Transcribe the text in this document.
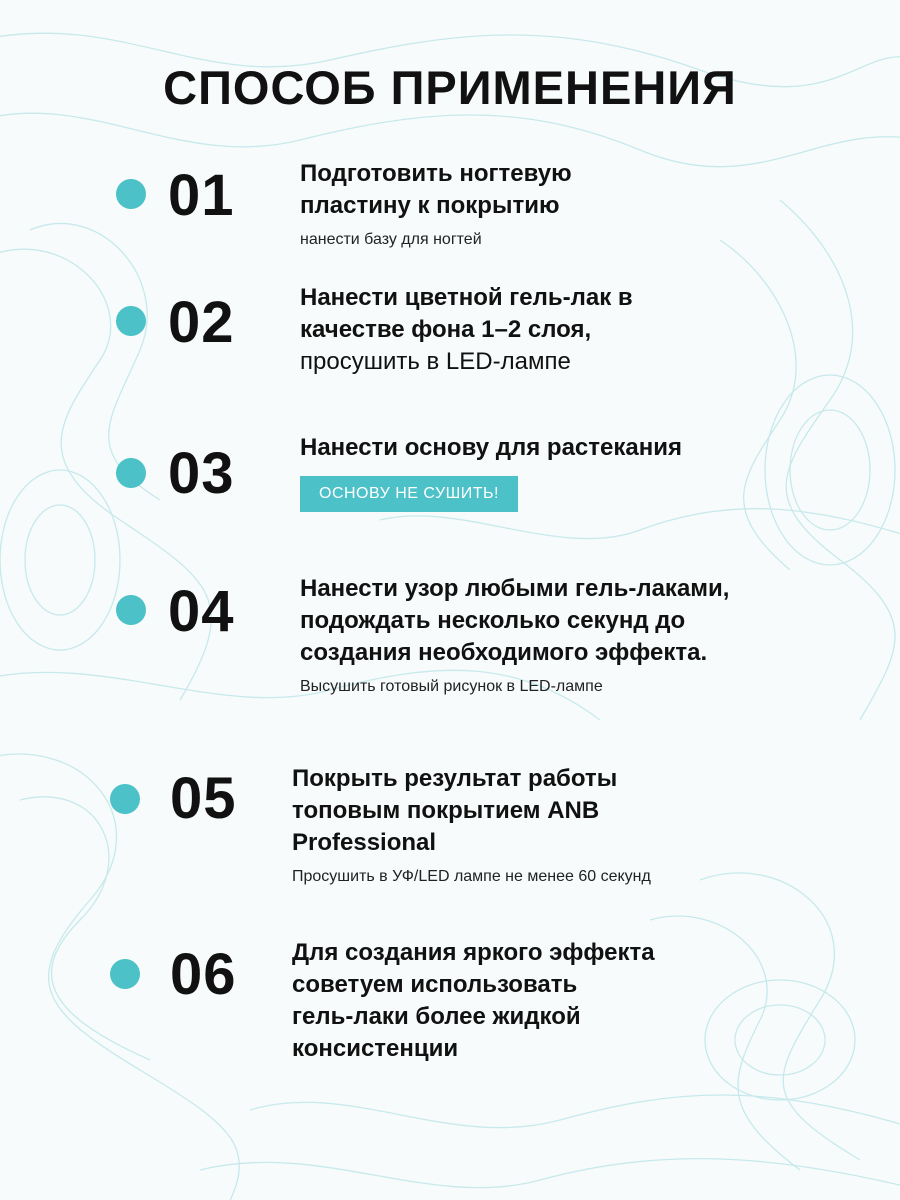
СПОСОБ ПРИМЕНЕНИЯ
01	Подготовить ногтевую
пластину к покрытию
нанести базу для ногтей
02	Нанести цветной гель-лак в
качестве фона 1–2 слоя,
просушить в LED-лампе
03	Нанести основу для растекания
ОСНОВУ НЕ СУШИТЬ!
04	Нанести узор любыми гель-лаками,
подождать несколько секунд до
создания необходимого эффекта.
Высушить готовый рисунок в LED-лампе
05 Покрыть результат работы
топовым покрытием ANB
Professional
Просушить в УФ/LED лампе не менее 60 секунд
06 Для создания яркого эффекта
советуем использовать
гель-лаки более жидкой
консистенции
